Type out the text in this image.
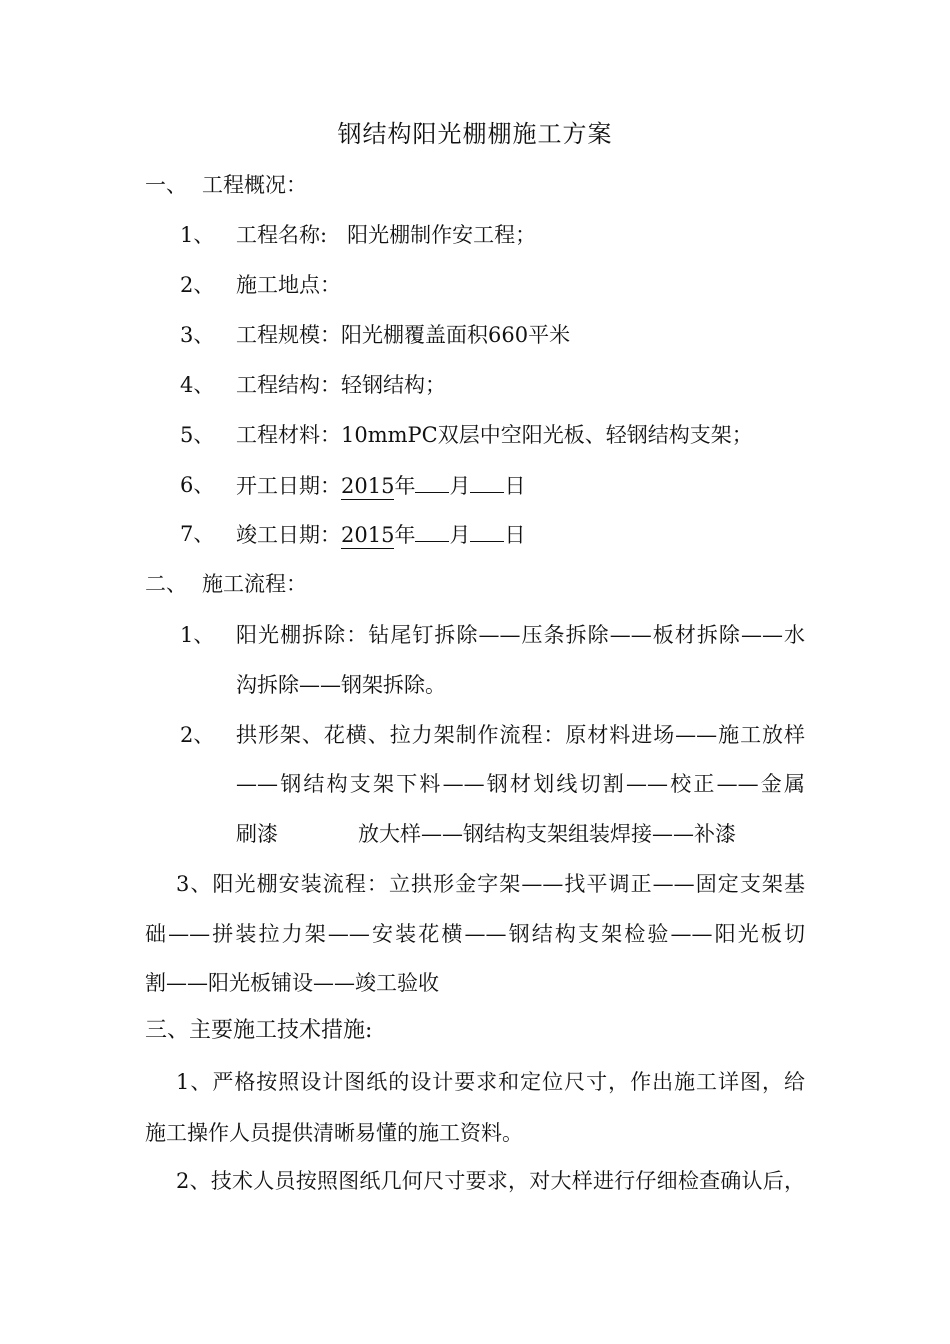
钢结构阳光棚棚施工方案
一、 工程概况：
1、 工程名称: 阳光棚制作安工程；
2、 施工地点：
3、 工程规模：阳光棚覆盖面积660平米
4、 工程结构：轻钢结构；
5、 工程材料：10mmPC双层中空阳光板、轻钢结构支架；
6、 开工日期：2015年 月 日
7、 竣工日期：2015年 月 日
二、 施工流程：
1、 阳光棚拆除：钻尾钉拆除——压条拆除——板材拆除——水
沟拆除——钢架拆除。
2、 拱形架、花横、拉力架制作流程：原材料进场——施工放样
——钢结构支架下料——钢材划线切割——校正——金属
刷漆	放大样——钢结构支架组装焊接——补漆
3、阳光棚安装流程：立拱形金字架——找平调正——固定支架基
础——拼装拉力架——安装花横——钢结构支架检验——阳光板切
割——阳光板铺设——竣工验收
三、主要施工技术措施:
1、严格按照设计图纸的设计要求和定位尺寸，作出施工详图，给
施工操作人员提供清晰易懂的施工资料。
2、技术人员按照图纸几何尺寸要求，对大样进行仔细检查确认后，
